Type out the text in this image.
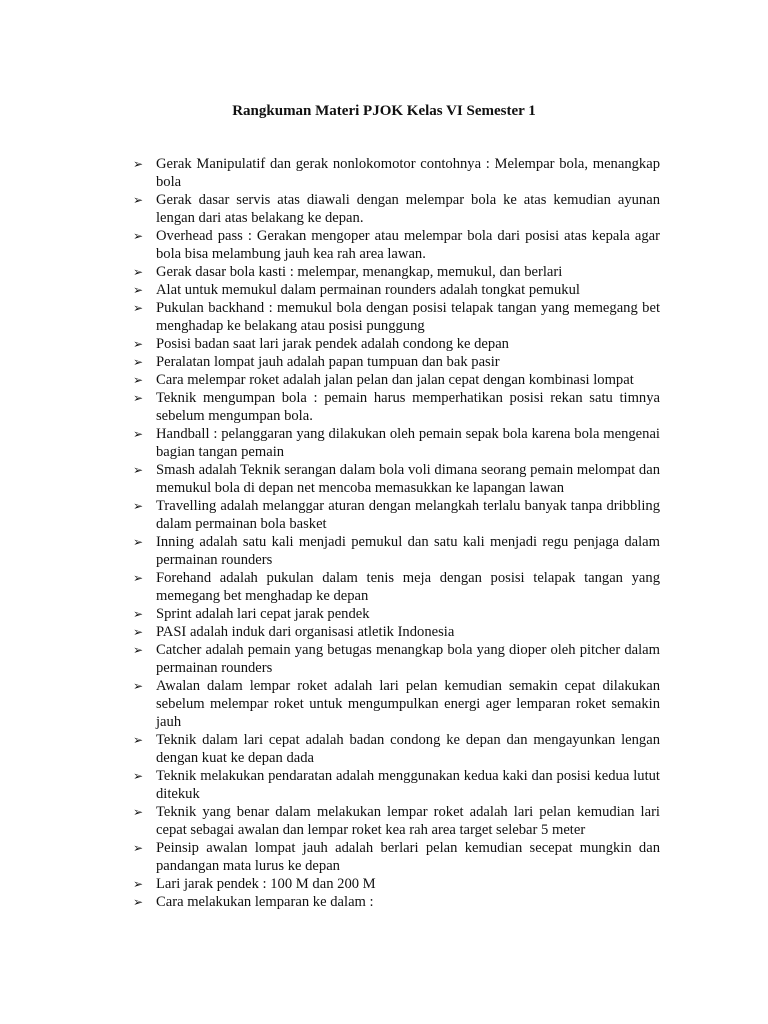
Rangkuman Materi PJOK Kelas VI Semester 1
➢ Gerak Manipulatif dan gerak nonlokomotor contohnya : Melempar bola, menangkap bola
➢ Gerak dasar servis atas diawali dengan melempar bola ke atas kemudian ayunan lengan dari atas belakang ke depan.
➢ Overhead pass : Gerakan mengoper atau melempar bola dari posisi atas kepala agar bola bisa melambung jauh kea rah area lawan.
➢ Gerak dasar bola kasti : melempar, menangkap, memukul, dan berlari
➢ Alat untuk memukul dalam permainan rounders adalah tongkat pemukul
➢ Pukulan backhand : memukul bola dengan posisi telapak tangan yang memegang bet menghadap ke belakang atau posisi punggung
➢ Posisi badan saat lari jarak pendek adalah condong ke depan
➢ Peralatan lompat jauh adalah papan tumpuan dan bak pasir
➢ Cara melempar roket adalah jalan pelan dan jalan cepat dengan kombinasi lompat
➢ Teknik mengumpan bola : pemain harus memperhatikan posisi rekan satu timnya sebelum mengumpan bola.
➢ Handball : pelanggaran yang dilakukan oleh pemain sepak bola karena bola mengenai bagian tangan pemain
➢ Smash adalah Teknik serangan dalam bola voli dimana seorang pemain melompat dan memukul bola di depan net mencoba memasukkan ke lapangan lawan
➢ Travelling adalah melanggar aturan dengan melangkah terlalu banyak tanpa dribbling dalam permainan bola basket
➢ Inning adalah satu kali menjadi pemukul dan satu kali menjadi regu penjaga dalam permainan rounders
➢ Forehand adalah pukulan dalam tenis meja dengan posisi telapak tangan yang memegang bet menghadap ke depan
➢ Sprint adalah lari cepat jarak pendek
➢ PASI adalah induk dari organisasi atletik Indonesia
➢ Catcher adalah pemain yang betugas menangkap bola yang dioper oleh pitcher dalam permainan rounders
➢ Awalan dalam lempar roket adalah lari pelan kemudian semakin cepat dilakukan sebelum melempar roket untuk mengumpulkan energi ager lemparan roket semakin jauh
➢ Teknik dalam lari cepat adalah badan condong ke depan dan mengayunkan lengan dengan kuat ke depan dada
➢ Teknik melakukan pendaratan adalah menggunakan kedua kaki dan posisi kedua lutut ditekuk
➢ Teknik yang benar dalam melakukan lempar roket adalah lari pelan kemudian lari cepat sebagai awalan dan lempar roket kea rah area target selebar 5 meter
➢ Peinsip awalan lompat jauh adalah berlari pelan kemudian secepat mungkin dan pandangan mata lurus ke depan
➢ Lari jarak pendek : 100 M dan 200 M
➢ Cara melakukan lemparan ke dalam :
